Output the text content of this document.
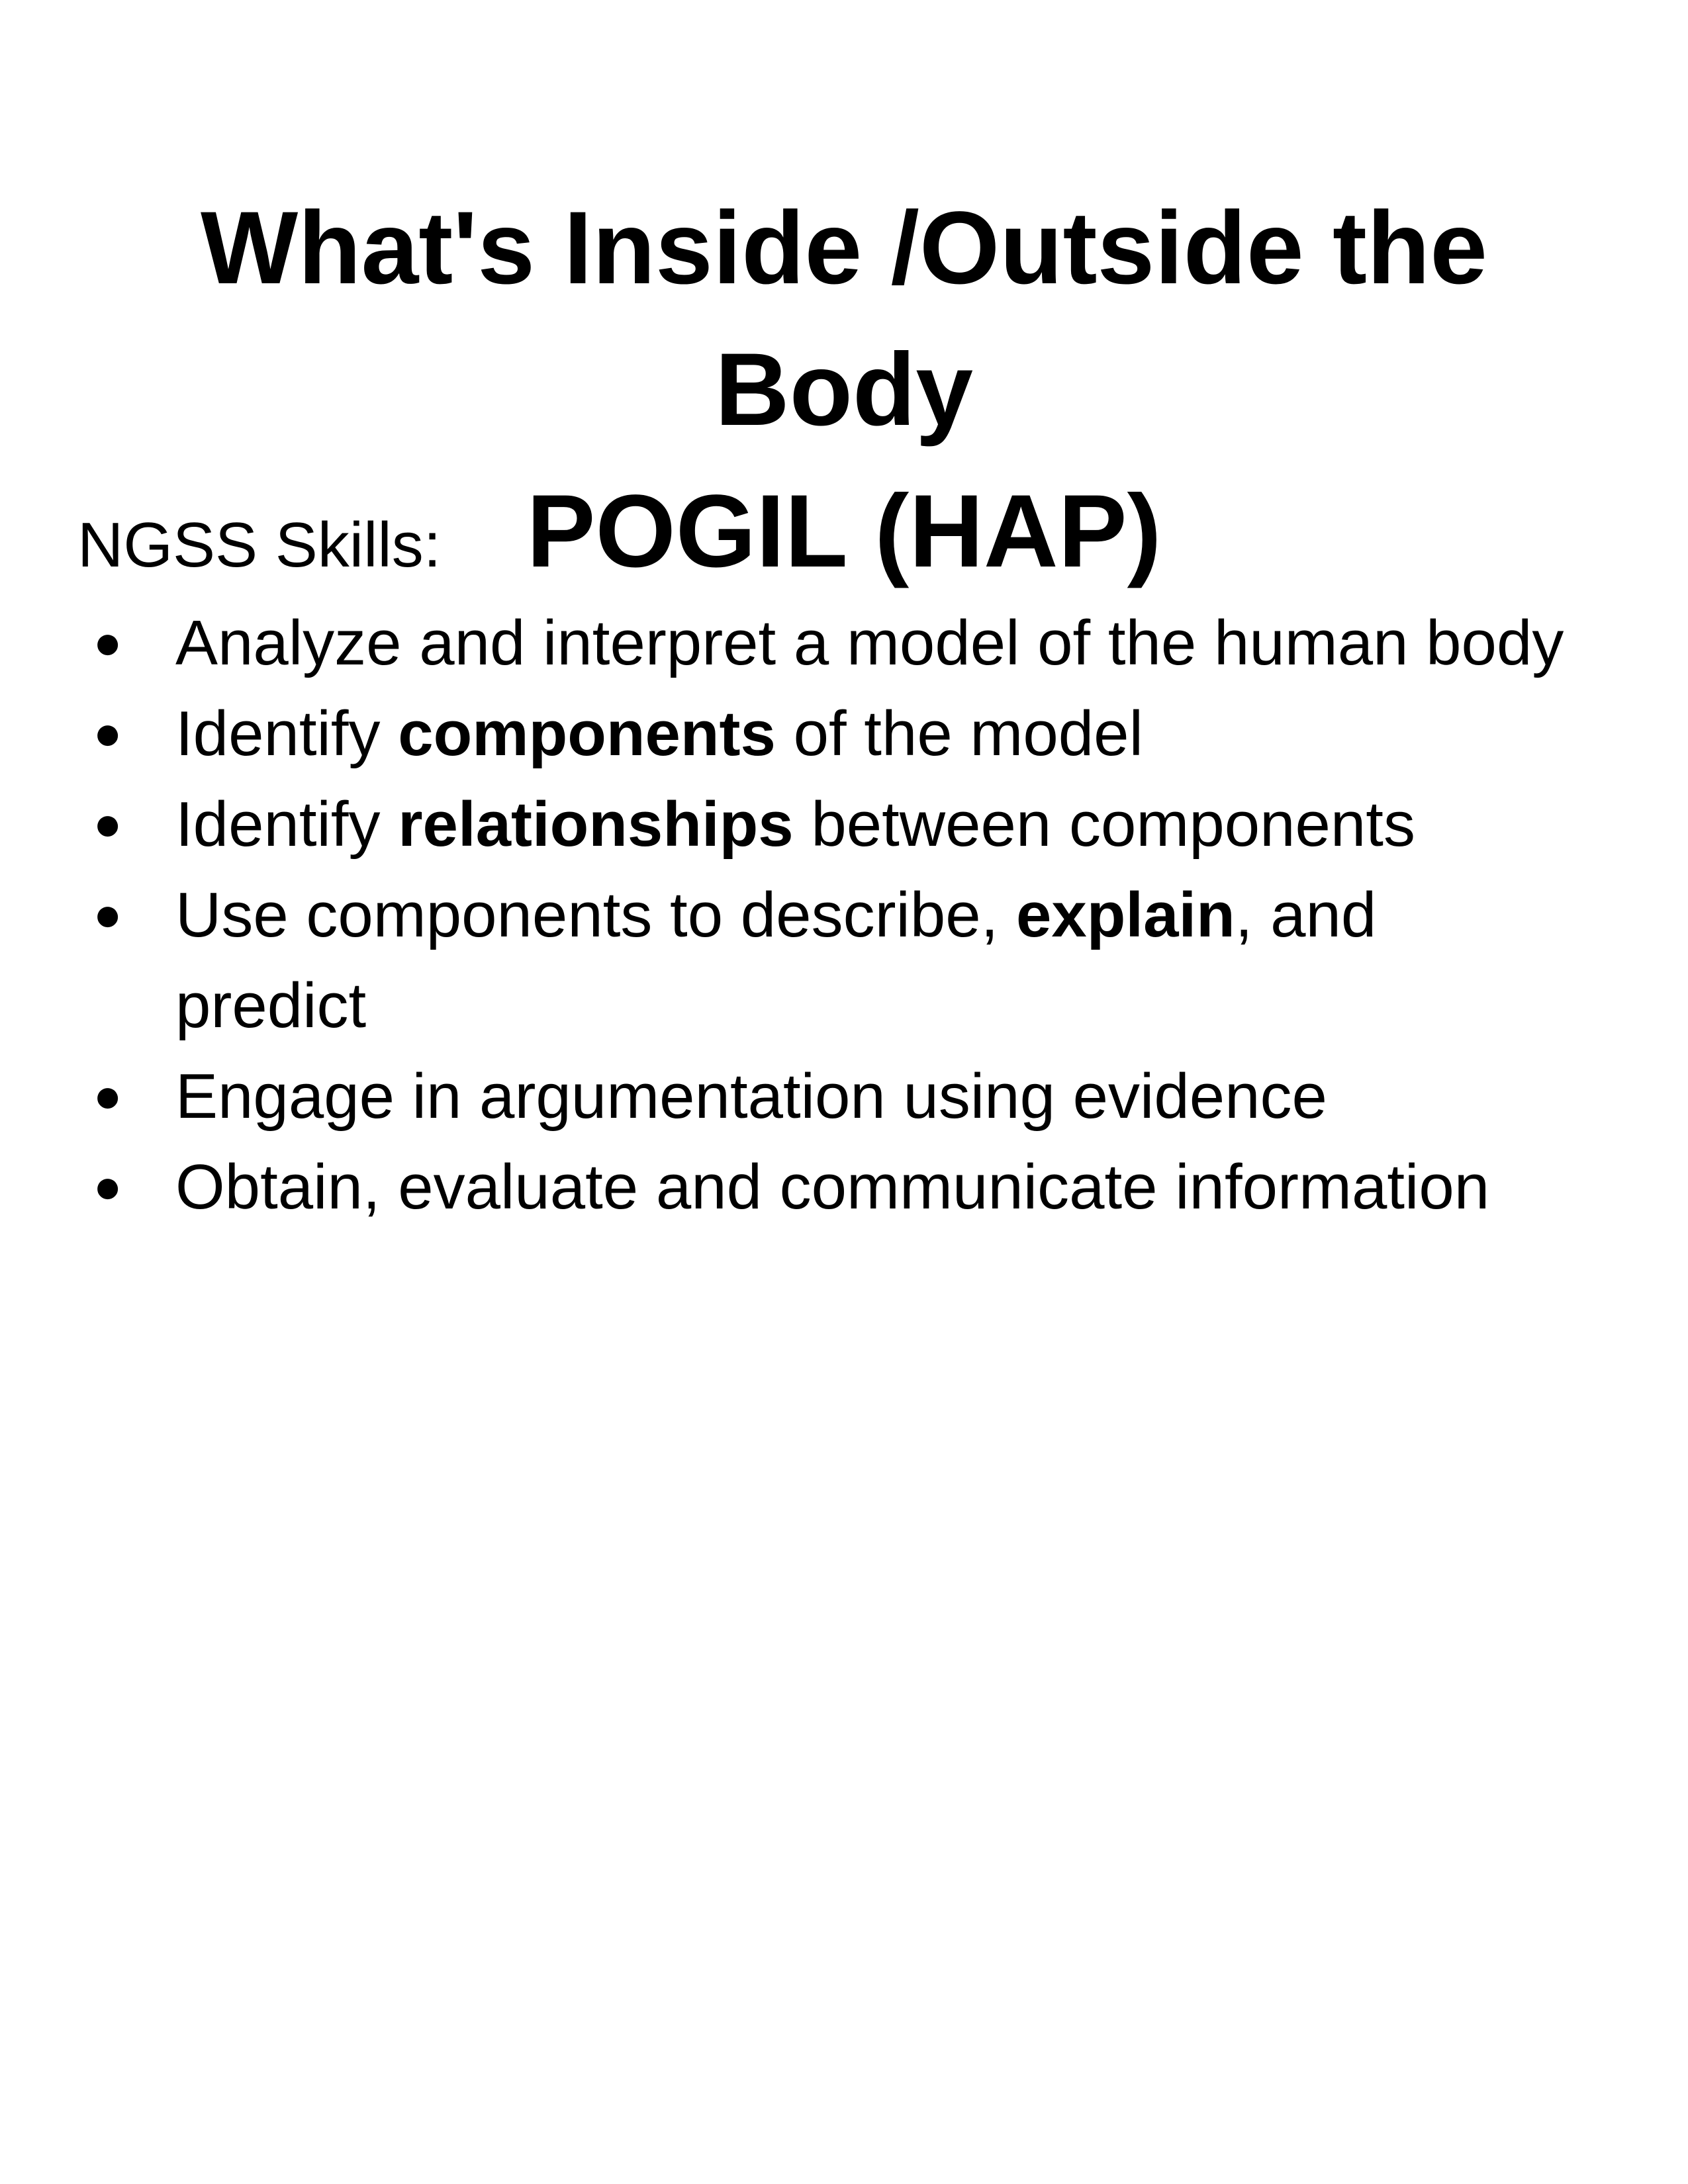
What's Inside /Outside the Body
POGIL (HAP)

NGSS Skills:

● Analyze and interpret a model of the human body
● Identify components of the model
● Identify relationships between components
● Use components to describe, explain, and predict
● Engage in argumentation using evidence
● Obtain, evaluate and communicate information
